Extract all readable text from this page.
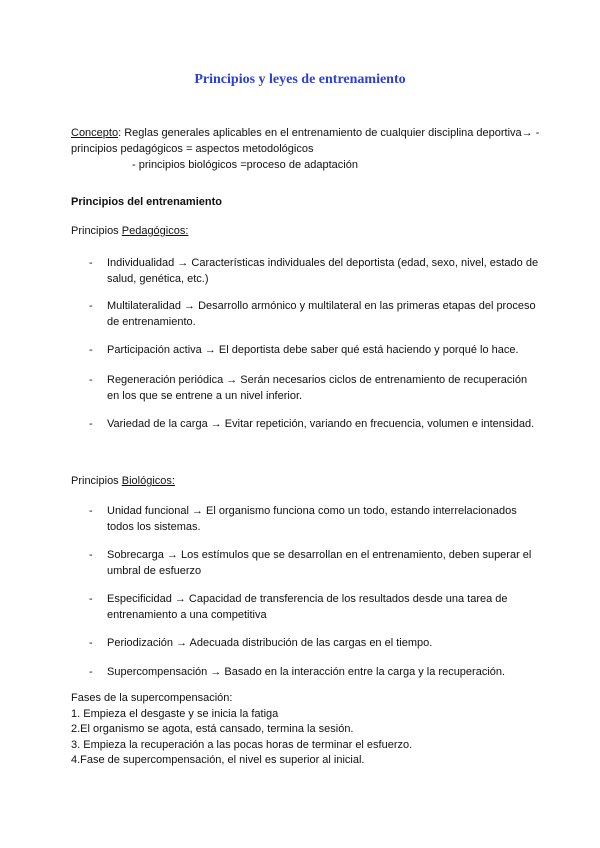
Principios y leyes de entrenamiento
Concepto: Reglas generales aplicables en el entrenamiento de cualquier disciplina deportiva→ - principios pedagógicos = aspectos metodológicos
- principios biológicos =proceso de adaptación
Principios del entrenamiento
Principios Pedagógicos:
- Individualidad → Características individuales del deportista (edad, sexo, nivel, estado de salud, genética, etc.)
- Multilateralidad → Desarrollo armónico y multilateral en las primeras etapas del proceso de entrenamiento.
- Participación activa → El deportista debe saber qué está haciendo y porqué lo hace.
- Regeneración periódica → Serán necesarios ciclos de entrenamiento de recuperación en los que se entrene a un nivel inferior.
- Variedad de la carga → Evitar repetición, variando en frecuencia, volumen e intensidad.
Principios Biológicos:
- Unidad funcional → El organismo funciona como un todo, estando interrelacionados todos los sistemas.
- Sobrecarga → Los estímulos que se desarrollan en el entrenamiento, deben superar el umbral de esfuerzo
- Especificidad → Capacidad de transferencia de los resultados desde una tarea de entrenamiento a una competitiva
- Periodización → Adecuada distribución de las cargas en el tiempo.
- Supercompensación → Basado en la interacción entre la carga y la recuperación.
Fases de la supercompensación:
1. Empieza el desgaste y se inicia la fatiga
2.El organismo se agota, está cansado, termina la sesión.
3. Empieza la recuperación a las pocas horas de terminar el esfuerzo.
4.Fase de supercompensación, el nivel es superior al inicial.
